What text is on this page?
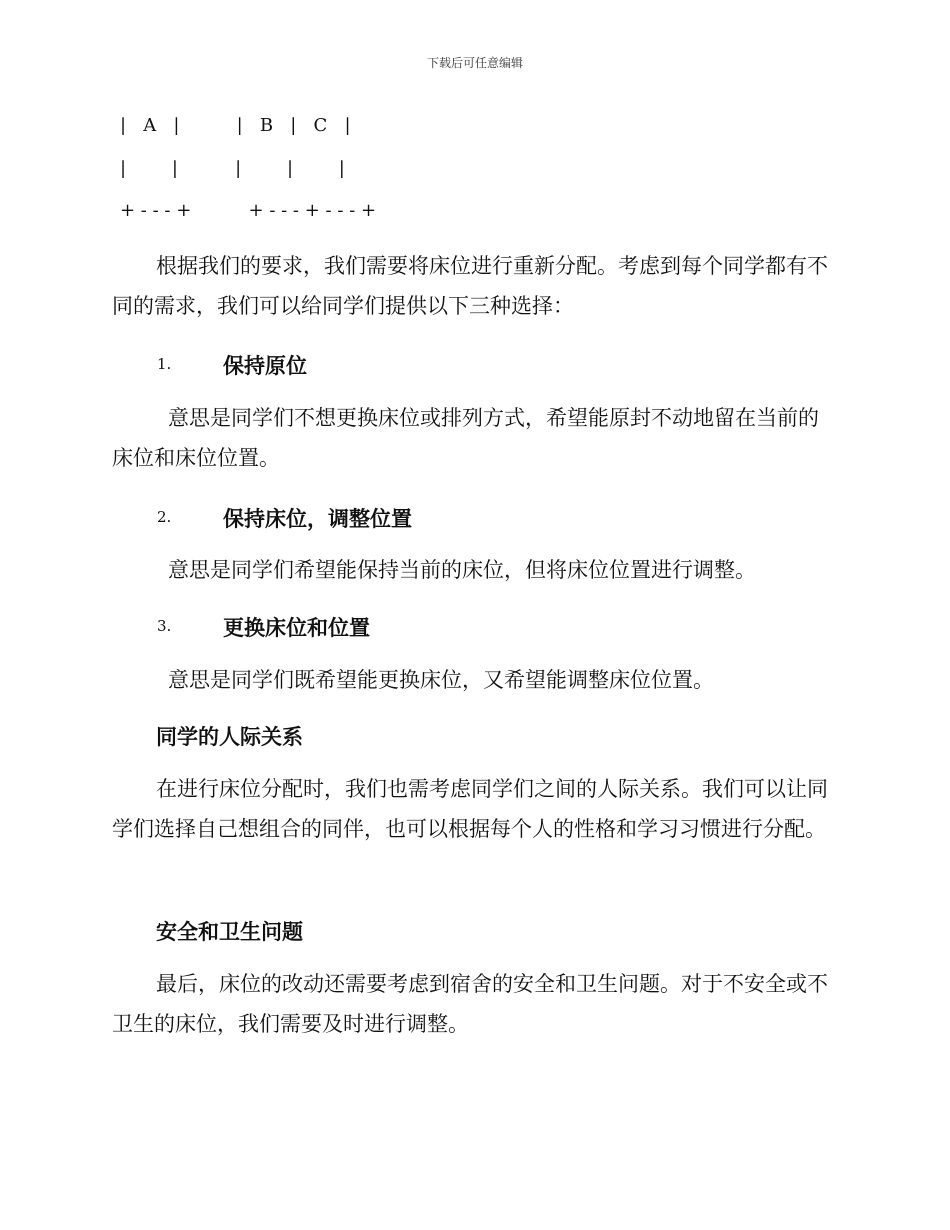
下载后可任意编辑
|   A   |          |   B   |   C   |
|        |          |        |        |
+ - - - +          + - - - + - - - +
根据我们的要求，我们需要将床位进行重新分配。考虑到每个同学都有不同的需求，我们可以给同学们提供以下三种选择：
1. 保持原位
意思是同学们不想更换床位或排列方式，希望能原封不动地留在当前的床位和床位位置。
2. 保持床位，调整位置
意思是同学们希望能保持当前的床位，但将床位位置进行调整。
3. 更换床位和位置
意思是同学们既希望能更换床位，又希望能调整床位位置。
同学的人际关系
在进行床位分配时，我们也需考虑同学们之间的人际关系。我们可以让同学们选择自己想组合的同伴，也可以根据每个人的性格和学习习惯进行分配。
安全和卫生问题
最后，床位的改动还需要考虑到宿舍的安全和卫生问题。对于不安全或不卫生的床位，我们需要及时进行调整。
